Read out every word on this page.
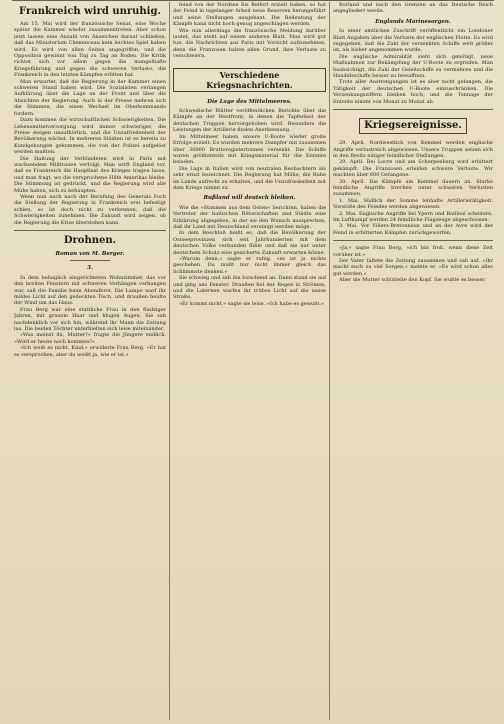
Frankreich wird unruhig.

Am 15. Mai wird der französische Senat, eine Woche später die Kammer wieder zusammentreten. Aber schon jetzt lassen eine Anzahl von Anzeichen darauf schließen, daß das Ministerium Clemenceau kein leichtes Spiel haben wird. Es wird von allen Seiten angegriffen, und die Opposition gewinnt von Tag zu Tag an Boden. Die Kritik richtet sich vor allem gegen die mangelhafte Kriegsführung und gegen die schweren Verluste, die Frankreich in den letzten Kämpfen erlitten hat.

Man erwartet, daß die Regierung in der Kammer einen schweren Stand haben wird. Die Sozialisten verlangen Aufklärung über die Lage an der Front und über die Absichten der Regierung. Auch in der Presse mehren sich die Stimmen, die einen Wechsel im Oberkommando fordern.

Dazu kommen die wirtschaftlichen Schwierigkeiten. Die Lebensmittelversorgung wird immer schwieriger, die Preise steigen unaufhörlich, und die Unzufriedenheit der Bevölkerung wächst. In mehreren Städten ist es bereits zu Kundgebungen gekommen, die von der Polizei aufgelöst werden mußten.

Die Haltung der Verbündeten wird in Paris mit wachsendem Mißtrauen verfolgt. Man wirft England vor, daß es Frankreich die Hauptlast des Krieges tragen lasse, und man fragt, wo die versprochene Hilfe Amerikas bleibe. Die Stimmung ist gedrückt, und die Regierung wird alle Mühe haben, sich zu behaupten.

Wenn nun auch nach der Berufung des Generals Foch die Stellung der Regierung in Frankreich erst befestigt schien, so ist doch nicht zu verkennen, daß die Schwierigkeiten zunehmen. Die Zukunft wird zeigen, ob die Regierung die Krise überstehen kann.

Drohnen.
Roman von M. Berger.
3.

In dem behaglich eingerichteten Wohnzimmer, das vor den breiten Fenstern mit schweren Vorhängen verhangen war, saß die Familie beim Abendbrot. Die Lampe warf ihr mildes Licht auf den gedeckten Tisch, und draußen heulte der Wind um das Haus.

Frau Berg war eine stattliche Frau in den fünfziger Jahren, mit grauem Haar und klugen Augen. Sie sah nachdenklich vor sich hin, während ihr Mann die Zeitung las. Die beiden Töchter unterhielten sich leise miteinander.

»Was meinst du, Mutter?« fragte die Jüngere endlich. »Wird er heute noch kommen?«

»Ich weiß es nicht, Kind,« erwiderte Frau Berg. »Er hat es versprochen, aber du weißt ja, wie er ist.«

feind von der Nordsee bis Belfort erzielt haben, so hat der Feind in tagelanger Arbeit neue Reserven herangeführt und seine Stellungen ausgebaut. Die Bedeutung der Kämpfe kann nicht hoch genug angeschlagen werden.

Wie nun allerdings die französische Meldung darüber lautet, das steht auf einem anderen Blatt. Man wird gut tun, die Nachrichten aus Paris mit Vorsicht aufzunehmen, denn die Franzosen haben allen Grund, ihre Verluste zu verschleiern.

Verschiedene Kriegsnachrichten.
Die Lage des Mittelmeeres.

Schwedische Blätter veröffentlichen Berichte über die Kämpfe an der Westfront, in denen die Tapferkeit der deutschen Truppen hervorgehoben wird. Besonders die Leistungen der Artillerie finden Anerkennung.

Im Mittelmeer haben unsere U-Boote wieder große Erfolge erzielt. Es wurden mehrere Dampfer mit zusammen über 30000 Bruttoregistertonnen versenkt. Die Schiffe waren größtenteils mit Kriegsmaterial für die Entente beladen.

Die Lage in Italien wird von neutralen Beobachtern als sehr ernst bezeichnet. Die Regierung hat Mühe, die Ruhe im Lande aufrecht zu erhalten, und die Unzufriedenheit mit dem Kriege nimmt zu.

Rußland will deutsch bleiben.

Wie die »Stimmen aus dem Osten« berichten, haben die Vertreter der baltischen Ritterschaften und Städte eine Erklärung abgegeben, in der sie den Wunsch aussprechen, daß ihr Land mit Deutschland vereinigt werden möge.

In dem Beschluß heißt es, daß die Bevölkerung der Ostseeprovinzen sich seit Jahrhunderten mit dem deutschen Volke verbunden fühle und daß sie nur unter deutschem Schutz eine gesicherte Zukunft erwarten könne.

»Warum denn,« sagte er ruhig, »es ist ja nichts geschehen. Du mußt nur nicht immer gleich das Schlimmste denken.«

Sie schwieg und sah ihn forschend an. Dann stand sie auf und ging ans Fenster. Draußen fiel der Regen in Strömen, und die Laternen warfen ihr trübes Licht auf die nasse Straße.

»Er kommt nicht,« sagte sie leise. »Ich habe es gewußt.«

Borland und nach den Grenzen an das Deutsche Reich angegliedert werde.

Englands Marinesorgen.

In einer amtlichen Zuschrift veröffentlicht ein Londoner Blatt Angaben über die Verluste der englischen Flotte. Es wird zugegeben, daß die Zahl der versenkten Schiffe weit größer ist, als bisher angenommen wurde.

Die englische Admiralität sieht sich genötigt, neue Maßnahmen zur Bekämpfung der U-Boote zu ergreifen. Man beabsichtigt, die Zahl der Geleitschiffe zu vermehren und die Handelsschiffe besser zu bewaffnen.

Trotz aller Anstrengungen ist es aber nicht gelungen, die Tätigkeit der deutschen U-Boote einzuschränken. Die Versenkungsziffern bleiben hoch, und die Tonnage der Entente nimmt von Monat zu Monat ab.

Kriegsereignisse.

29. April. Nordwestlich von Kemmel werden englische Angriffe verlustreich abgewiesen. Unsere Truppen setzen sich in den Besitz einiger feindlicher Stellungen.

29. April. Bei Locre und am Scherpenberg wird erbittert gekämpft. Die Franzosen erleiden schwere Verluste. Wir machten über 600 Gefangene.

30. April. Die Kämpfe am Kemmel dauern an. Starke feindliche Angriffe brechen unter schweren Verlusten zusammen.

1. Mai. Südlich der Somme lebhafte Artillerietätigkeit. Vorstöße des Feindes werden abgewiesen.

2. Mai. Englische Angriffe bei Ypern und Bailleul scheitern. Im Luftkampf werden 24 feindliche Flugzeuge abgeschossen.

3. Mai. Vor Villers-Bretonneux und an der Avre wird der Feind in erbitterten Kämpfen zurückgeworfen.

»Ja,« sagte Frau Berg, »ich bin froh, wenn diese Zeit vorüber ist.«

Der Vater faltete die Zeitung zusammen und sah auf. »Ihr macht euch zu viel Sorgen,« meinte er. »Es wird schon alles gut werden.«

Aber die Mutter schüttelte den Kopf. Sie wußte es besser.
